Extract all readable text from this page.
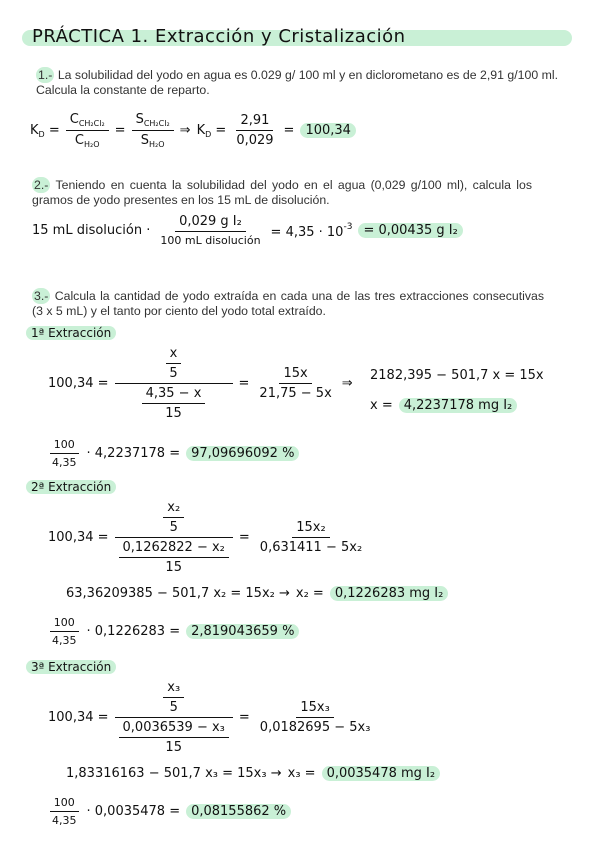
PRÁCTICA 1. Extracción y Cristalización
1.- La solubilidad del yodo en agua es 0.029 g/ 100 ml y en diclorometano es de 2,91 g/100 ml. Calcula la constante de reparto.
$K_D = \frac{C_{CH_2Cl_2}}{C_{H_2O}} = \frac{S_{CH_2Cl_2}}{S_{H_2O}}$ ⇒ $K_D = \frac{2,91}{0,029} = 100,34$
2.- Teniendo en cuenta la solubilidad del yodo en el agua (0,029 g/100 ml), calcula los gramos de yodo presentes en los 15 mL de disolución.
15 mL disolución · $\frac{\text{0,029 g I₂}}{\text{100 mL disolución}} = 4,35 \cdot 10^{-3} = 0,00435$ g I₂
3.- Calcula la cantidad de yodo extraída en cada una de las tres extracciones consecutivas (3 x 5 mL) y el tanto por ciento del yodo total extraído.
1ª Extracción
$100,34 = \frac{\frac{x}{5}}{\frac{4,35 - x}{15}} = \frac{15x}{21,75 - 5x}$ ⇒
2182,395 − 501,7 x = 15x
$\frac{100}{4,35} \cdot 4,2237178 = 97,09696092$ %
x = 4,2237178 mg I₂
2ª Extracción
$100,34 = \frac{\frac{\text{x₂}}{5}}{\frac{\text{0,1262822 − x₂}}{15}} = \frac{\text{15x₂}}{\text{0,631411 − 5x₂}}$
63,36209385 − 501,7 x₂ = 15x₂ → x₂ = 0,1226283 mg I₂
$\frac{100}{4,35} \cdot 0,1226283 = 2,819043659$ %
3ª Extracción
$100,34 = \frac{\frac{\text{x₃}}{5}}{\frac{\text{0,0036539 − x₃}}{15}} = \frac{\text{15x₃}}{\text{0,0182695 − 5x₃}}$
1,83316163 − 501,7 x₃ = 15x₃ → x₃ = 0,0035478 mg I₂
$\frac{100}{4,35} \cdot 0,0035478 = 0,08155862$ %
